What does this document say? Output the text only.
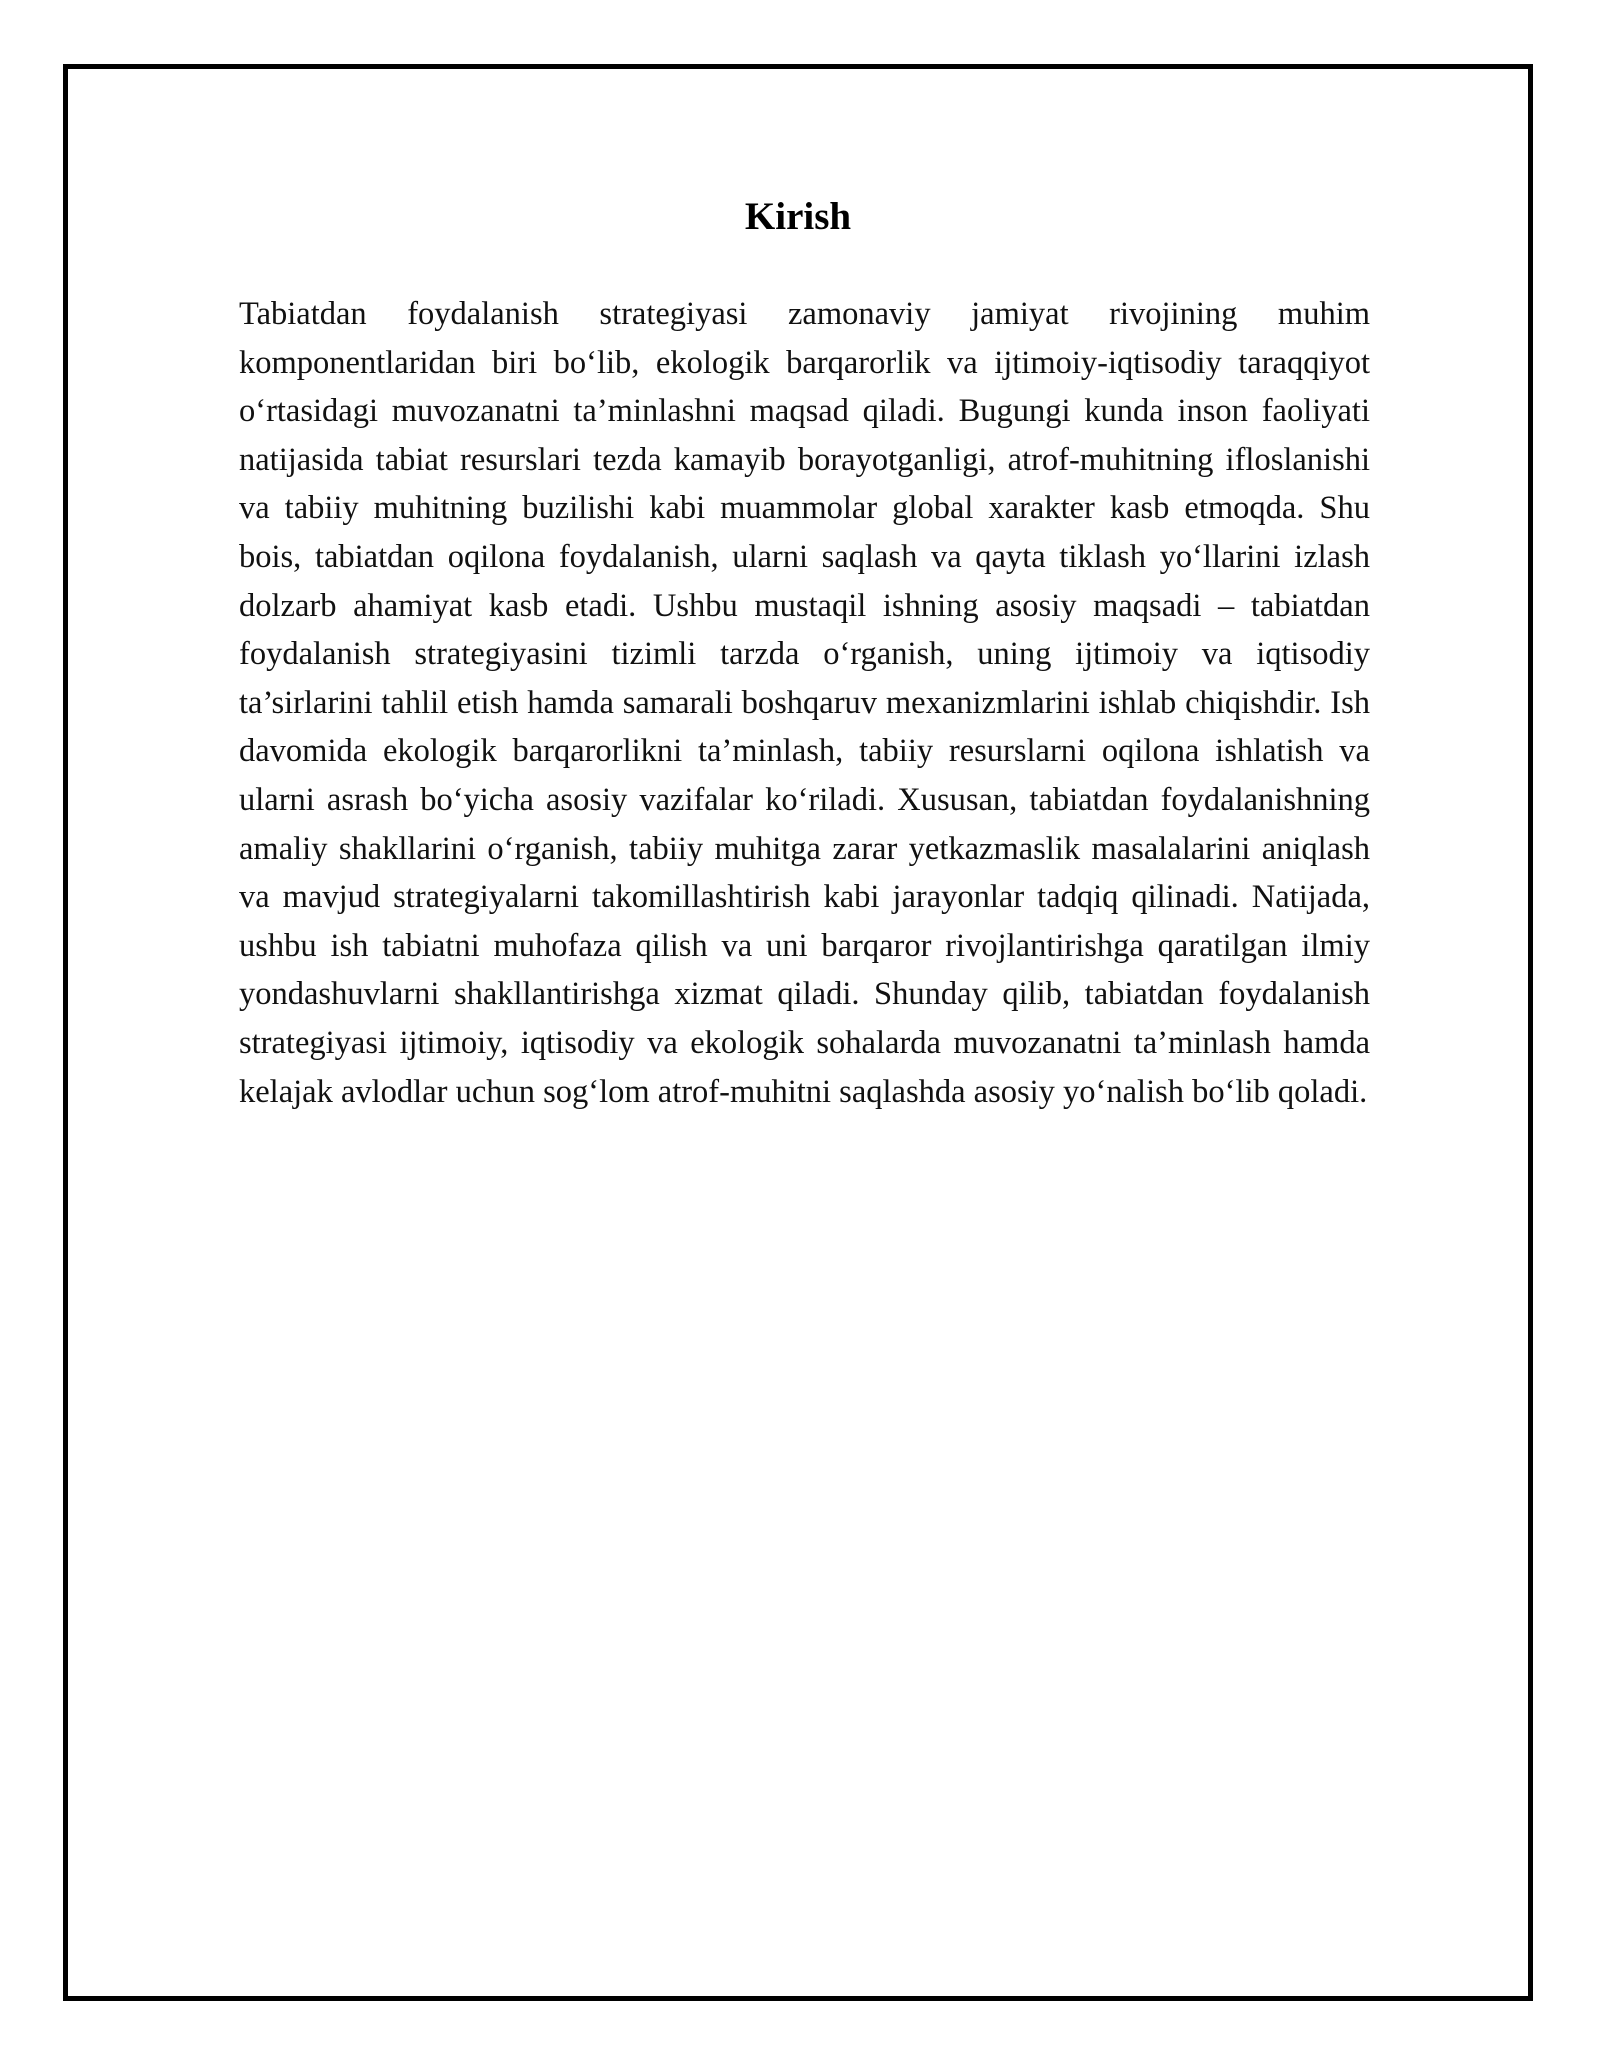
Kirish

Tabiatdan foydalanish strategiyasi zamonaviy jamiyat rivojining muhim komponentlaridan biri bo‘lib, ekologik barqarorlik va ijtimoiy-iqtisodiy taraqqiyot o‘rtasidagi muvozanatni ta’minlashni maqsad qiladi. Bugungi kunda inson faoliyati natijasida tabiat resurslari tezda kamayib borayotganligi, atrof-muhitning ifloslanishi va tabiiy muhitning buzilishi kabi muammolar global xarakter kasb etmoqda. Shu bois, tabiatdan oqilona foydalanish, ularni saqlash va qayta tiklash yo‘llarini izlash dolzarb ahamiyat kasb etadi. Ushbu mustaqil ishning asosiy maqsadi – tabiatdan foydalanish strategiyasini tizimli tarzda o‘rganish, uning ijtimoiy va iqtisodiy ta’sirlarini tahlil etish hamda samarali boshqaruv mexanizmlarini ishlab chiqishdir. Ish davomida ekologik barqarorlikni ta’minlash, tabiiy resurslarni oqilona ishlatish va ularni asrash bo‘yicha asosiy vazifalar ko‘riladi. Xususan, tabiatdan foydalanishning amaliy shakllarini o‘rganish, tabiiy muhitga zarar yetkazmaslik masalalarini aniqlash va mavjud strategiyalarni takomillashtirish kabi jarayonlar tadqiq qilinadi. Natijada, ushbu ish tabiatni muhofaza qilish va uni barqaror rivojlantirishga qaratilgan ilmiy yondashuvlarni shakllantirishga xizmat qiladi. Shunday qilib, tabiatdan foydalanish strategiyasi ijtimoiy, iqtisodiy va ekologik sohalarda muvozanatni ta’minlash hamda kelajak avlodlar uchun sog‘lom atrof-muhitni saqlashda asosiy yo‘nalish bo‘lib qoladi.
